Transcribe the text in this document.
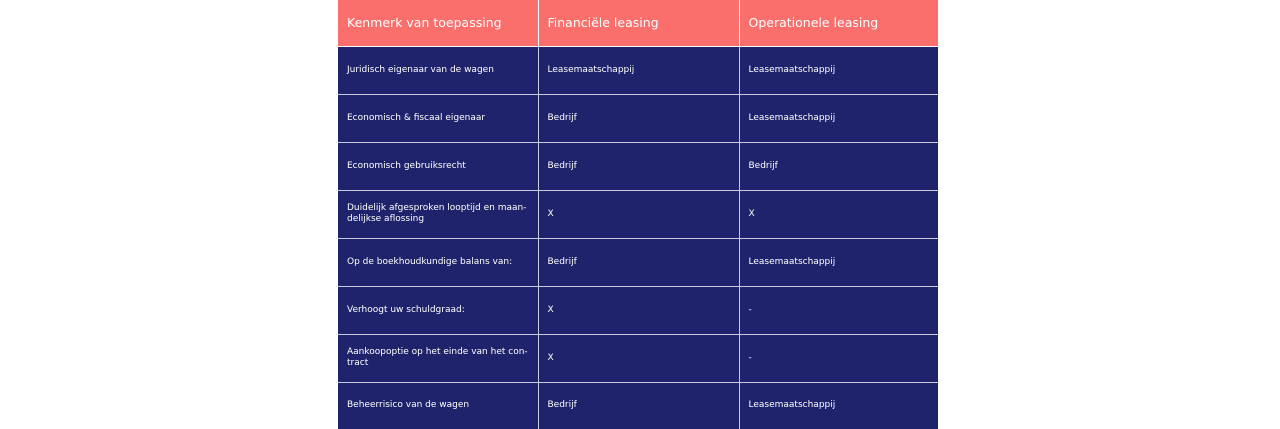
Kenmerk van toepassing	Financiële leasing	Operationele leasing
Juridisch eigenaar van de wagen	Leasemaatschappij	Leasemaatschappij
Economisch & fiscaal eigenaar	Bedrijf	Leasemaatschappij
Economisch gebruiksrecht	Bedrijf	Bedrijf
Duidelijk afgesproken looptijd en maan-delijkse aflossing	X	X
Op de boekhoudkundige balans van:	Bedrijf	Leasemaatschappij
Verhoogt uw schuldgraad:	X	-
Aankoopoptie op het einde van het con-tract	X	-
Beheerrisico van de wagen	Bedrijf	Leasemaatschappij
